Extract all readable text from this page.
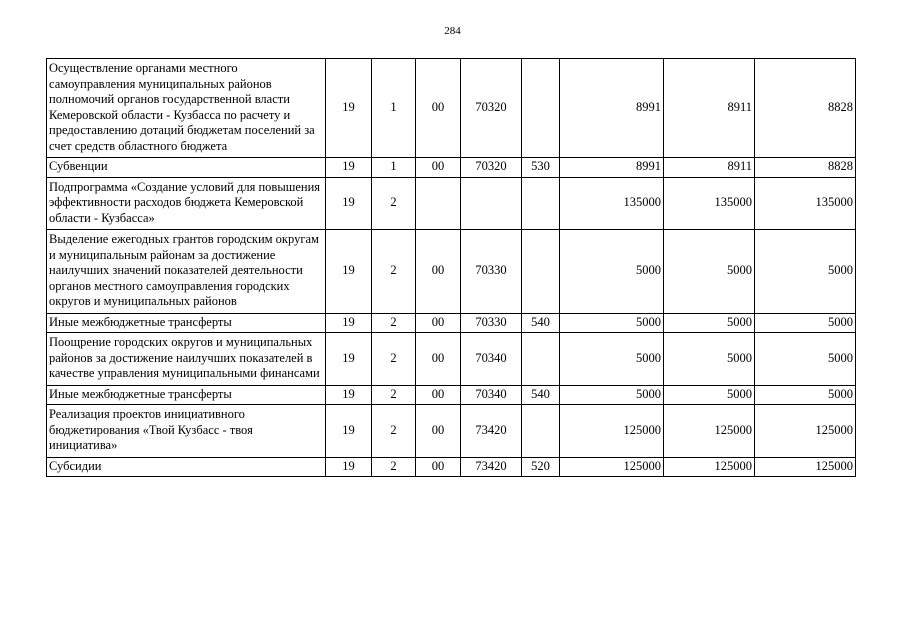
284
Осуществление органами местного самоуправления муниципальных районов полномочий органов государственной власти Кемеровской области - Кузбасса по расчету и предоставлению дотаций бюджетам поселений за счет средств областного бюджета	19	1	00	70320		8991	8911	8828
Субвенции	19	1	00	70320	530	8991	8911	8828
Подпрограмма «Создание условий для повышения эффективности расходов бюджета Кемеровской области - Кузбасса»	19	2				135000	135000	135000
Выделение ежегодных грантов городским округам и муниципальным районам за достижение наилучших значений показателей деятельности органов местного самоуправления городских округов и муниципальных районов	19	2	00	70330		5000	5000	5000
Иные межбюджетные трансферты	19	2	00	70330	540	5000	5000	5000
Поощрение городских округов и муниципальных районов за достижение наилучших показателей в качестве управления муниципальными финансами	19	2	00	70340		5000	5000	5000
Иные межбюджетные трансферты	19	2	00	70340	540	5000	5000	5000
Реализация проектов инициативного бюджетирования «Твой Кузбасс - твоя инициатива»	19	2	00	73420		125000	125000	125000
Субсидии	19	2	00	73420	520	125000	125000	125000
